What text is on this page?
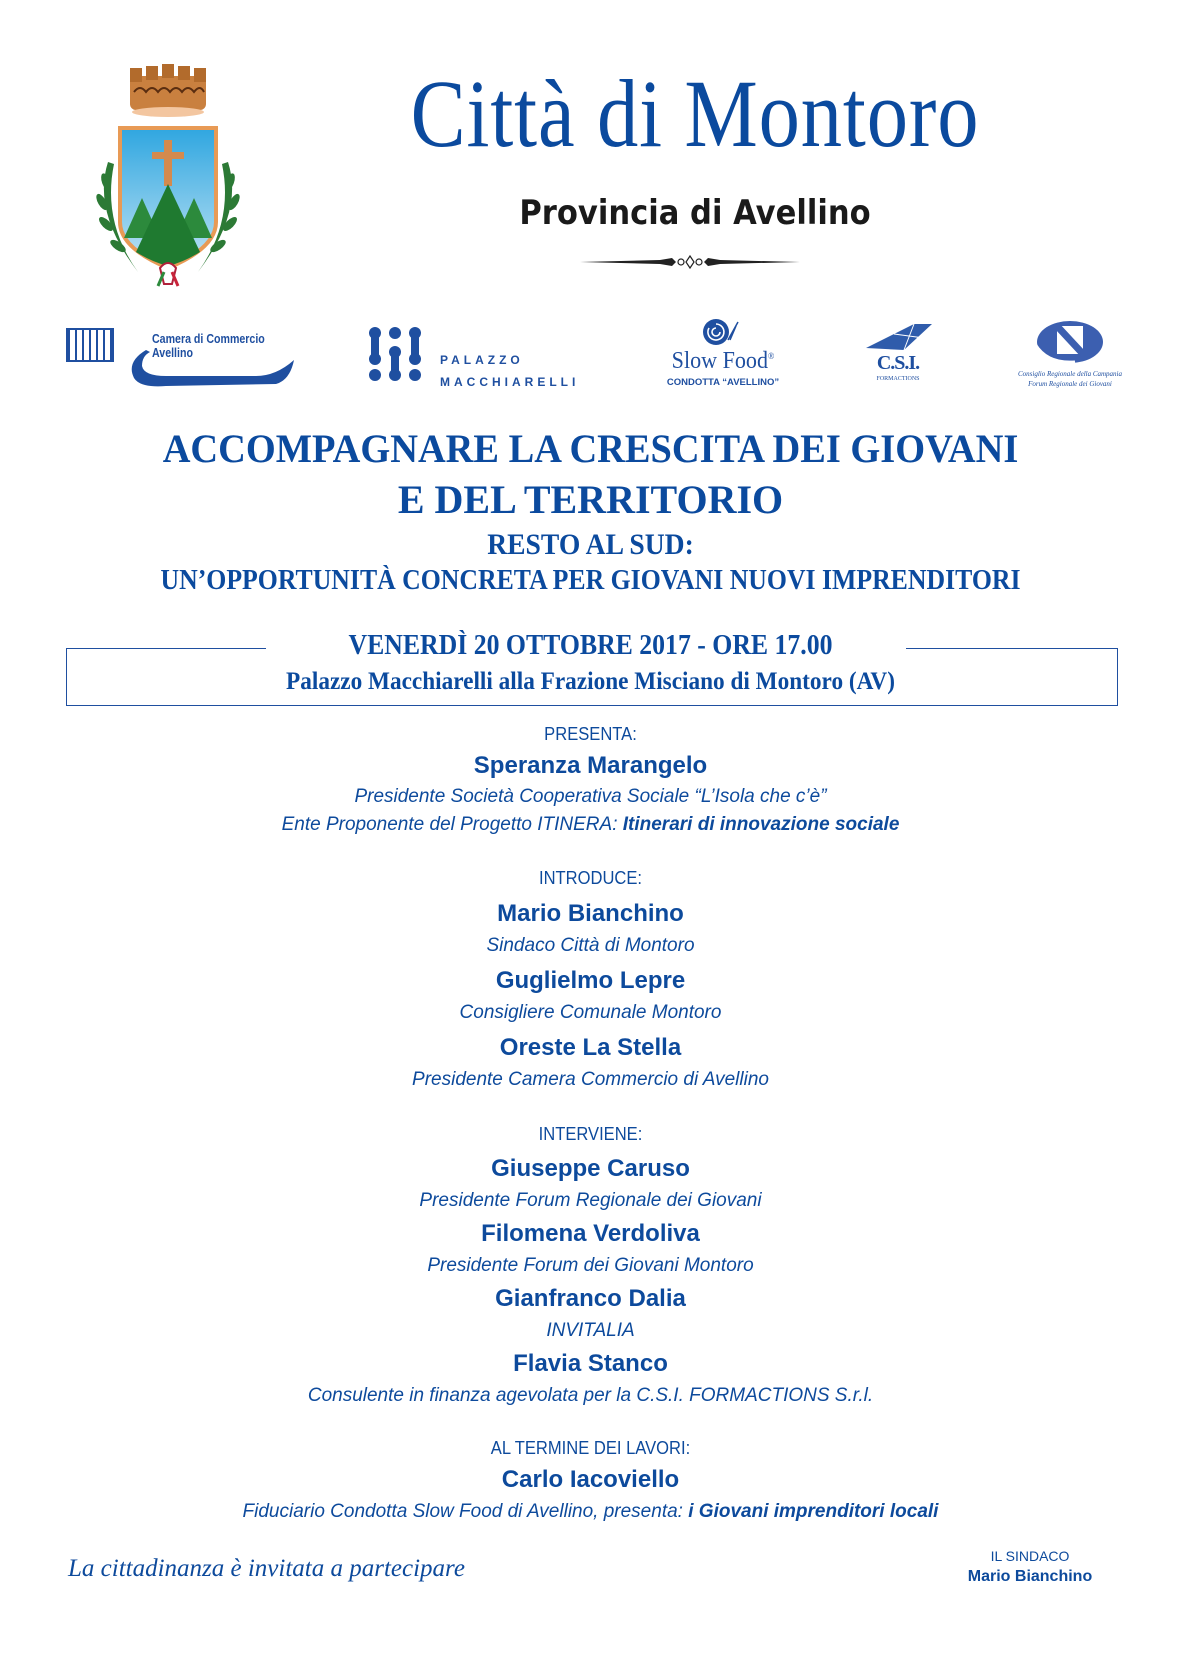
Città di Montoro
Provincia di Avellino
Camera di Commercio
Avellino	PALAZZO
MACCHIARELLI
Slow Food®
CONDOTTA “AVELLINO”
C.S.I.
FORMACTIONS
Consiglio Regionale della Campania
Forum Regionale dei Giovani
ACCOMPAGNARE LA CRESCITA DEI GIOVANI
E DEL TERRITORIO
RESTO AL SUD:
UN’OPPORTUNITÀ CONCRETA PER GIOVANI NUOVI IMPRENDITORI
VENERDÌ 20 OTTOBRE 2017 - ORE 17.00
Palazzo Macchiarelli alla Frazione Misciano di Montoro (AV)
PRESENTA:
Speranza Marangelo
Presidente Società Cooperativa Sociale “L’Isola che c’è”
Ente Proponente del Progetto ITINERA: Itinerari di innovazione sociale
INTRODUCE:
Mario Bianchino
Sindaco Città di Montoro
Guglielmo Lepre
Consigliere Comunale Montoro
Oreste La Stella
Presidente Camera Commercio di Avellino
INTERVIENE:
Giuseppe Caruso
Presidente Forum Regionale dei Giovani
Filomena Verdoliva
Presidente Forum dei Giovani Montoro
Gianfranco Dalia
INVITALIA
Flavia Stanco
Consulente in finanza agevolata per la C.S.I. FORMACTIONS S.r.l.
AL TERMINE DEI LAVORI:
Carlo Iacoviello
Fiduciario Condotta Slow Food di Avellino, presenta: i Giovani imprenditori locali
La cittadinanza è invitata a partecipare	IL SINDACO
Mario Bianchino
